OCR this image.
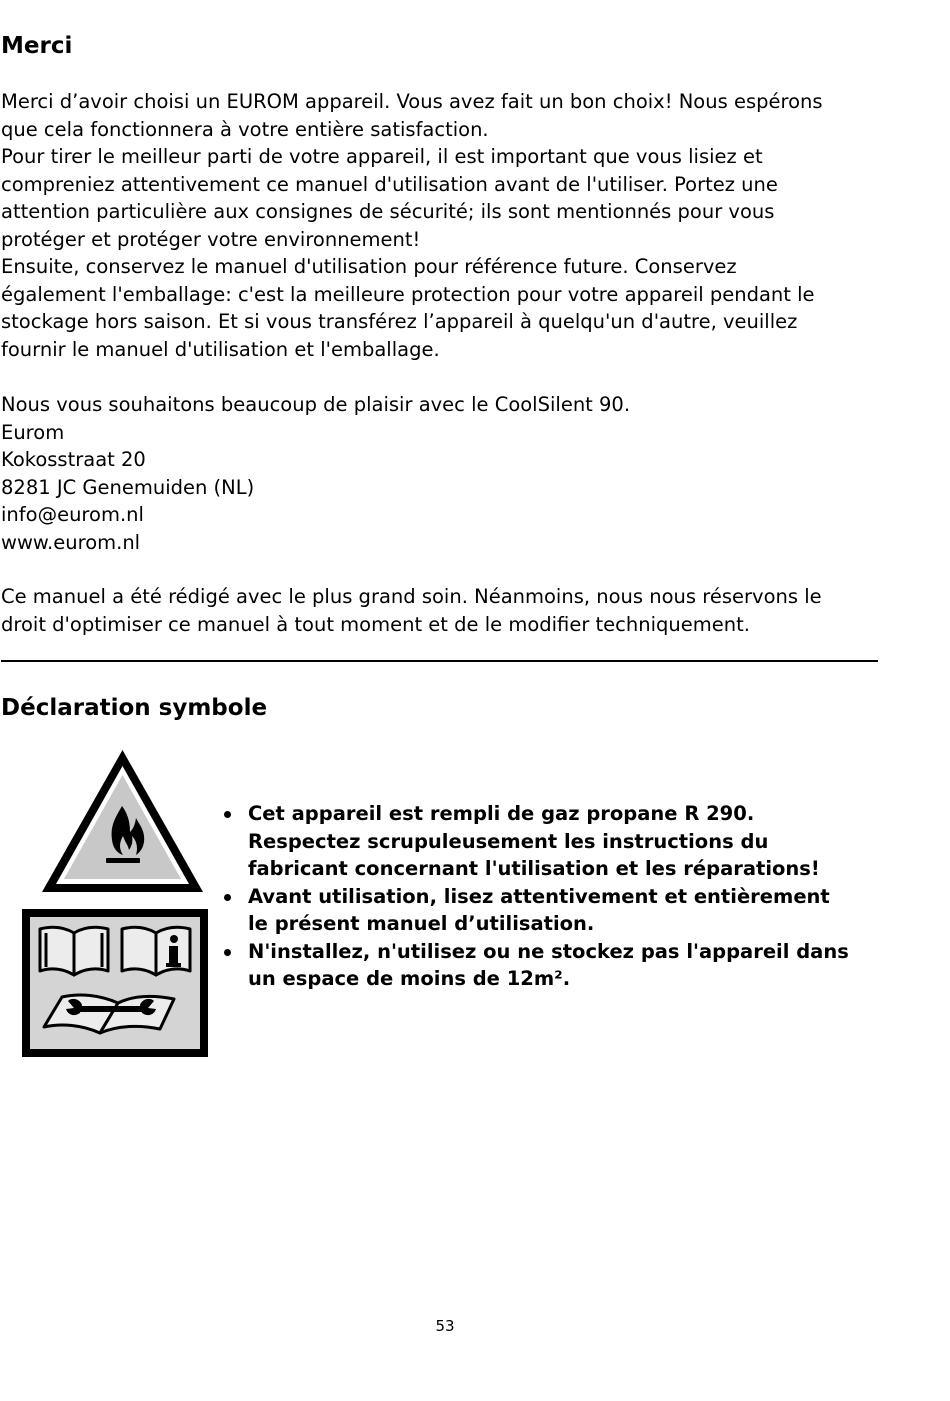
Merci

Merci d’avoir choisi un EUROM appareil. Vous avez fait un bon choix! Nous espérons
que cela fonctionnera à votre entière satisfaction.
Pour tirer le meilleur parti de votre appareil, il est important que vous lisiez et
compreniez attentivement ce manuel d'utilisation avant de l'utiliser. Portez une
attention particulière aux consignes de sécurité; ils sont mentionnés pour vous
protéger et protéger votre environnement!
Ensuite, conservez le manuel d'utilisation pour référence future. Conservez
également l'emballage: c'est la meilleure protection pour votre appareil pendant le
stockage hors saison. Et si vous transférez l’appareil à quelqu'un d'autre, veuillez
fournir le manuel d'utilisation et l'emballage.

Nous vous souhaitons beaucoup de plaisir avec le CoolSilent 90.
Eurom
Kokosstraat 20
8281 JC Genemuiden (NL)
info@eurom.nl
www.eurom.nl

Ce manuel a été rédigé avec le plus grand soin. Néanmoins, nous nous réservons le
droit d'optimiser ce manuel à tout moment et de le modifier techniquement.

Déclaration symbole
Cet appareil est rempli de gaz propane R 290.
Respectez scrupuleusement les instructions du
fabricant concernant l'utilisation et les réparations!
Avant utilisation, lisez attentivement et entièrement
le présent manuel d’utilisation.
N'installez, n'utilisez ou ne stockez pas l'appareil dans
un espace de moins de 12m².
53
